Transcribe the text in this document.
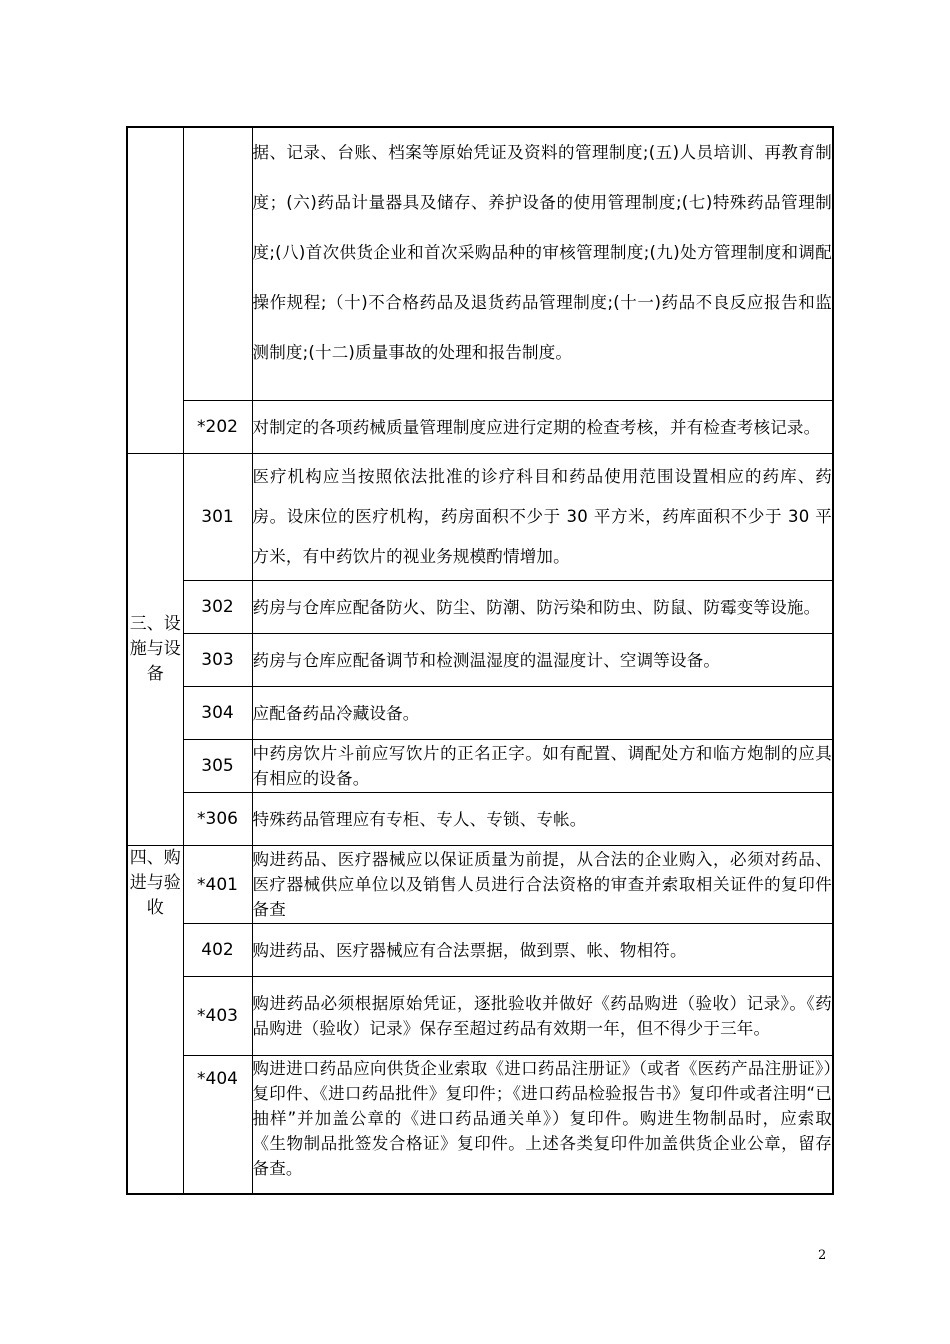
		据、记录、台账、档案等原始凭证及资料的管理制度;(五)人员培训、再教育制度；(六)药品计量器具及储存、养护设备的使用管理制度;(七)特殊药品管理制度;(八)首次供货企业和首次采购品种的审核管理制度;(九)处方管理制度和调配操作规程;（十)不合格药品及退货药品管理制度;(十一)药品不良反应报告和监测制度;(十二)质量事故的处理和报告制度。
	*202	对制定的各项药械质量管理制度应进行定期的检查考核，并有检查考核记录。
三、设施与设备	301	医疗机构应当按照依法批准的诊疗科目和药品使用范围设置相应的药库、药房。设床位的医疗机构，药房面积不少于 30 平方米，药库面积不少于 30 平方米，有中药饮片的视业务规模酌情增加。
	302	药房与仓库应配备防火、防尘、防潮、防污染和防虫、防鼠、防霉变等设施。
	303	药房与仓库应配备调节和检测温湿度的温湿度计、空调等设备。
	304	应配备药品冷藏设备。
	305	中药房饮片斗前应写饮片的正名正字。如有配置、调配处方和临方炮制的应具有相应的设备。
	*306	特殊药品管理应有专柜、专人、专锁、专帐。
四、购进与验收	*401	购进药品、医疗器械应以保证质量为前提，从合法的企业购入，必须对药品、医疗器械供应单位以及销售人员进行合法资格的审查并索取相关证件的复印件备查
	402	购进药品、医疗器械应有合法票据，做到票、帐、物相符。
	*403	购进药品必须根据原始凭证，逐批验收并做好《药品购进（验收）记录》。《药品购进（验收）记录》保存至超过药品有效期一年，但不得少于三年。
	*404	购进进口药品应向供货企业索取《进口药品注册证》（或者《医药产品注册证》）复印件、《进口药品批件》复印件；《进口药品检验报告书》复印件或者注明“已抽样”并加盖公章的《进口药品通关单》）复印件。购进生物制品时，应索取《生物制品批签发合格证》复印件。上述各类复印件加盖供货企业公章，留存备查。
2
